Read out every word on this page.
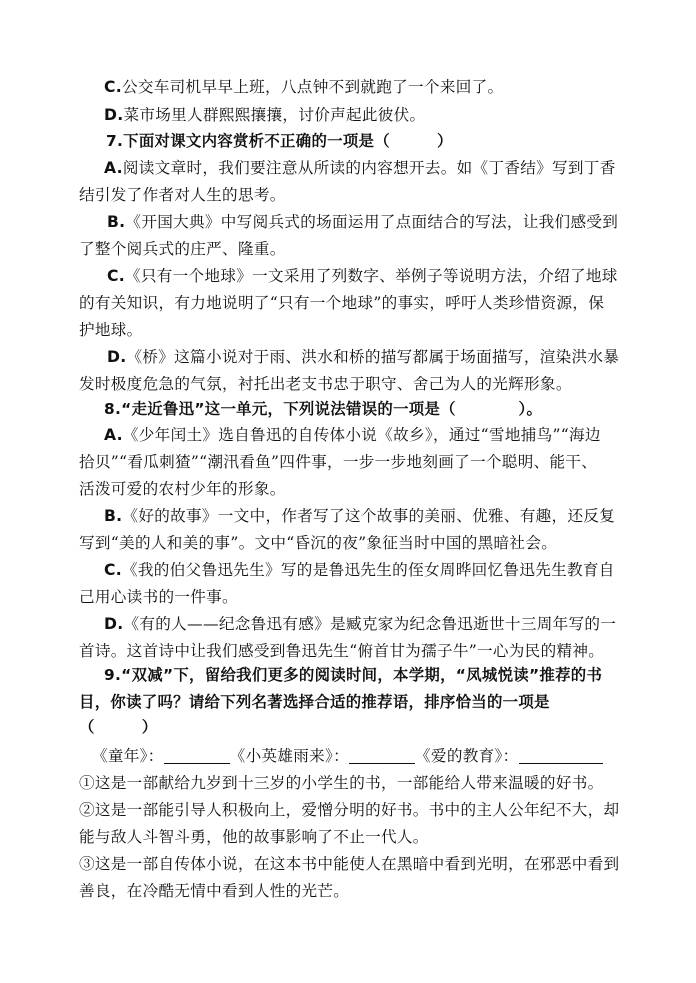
C.公交车司机早早上班，八点钟不到就跑了一个来回了。
D.菜市场里人群熙熙攘攘，讨价声起此彼伏。
7.下面对课文内容赏析不正确的一项是（　　　）
A.阅读文章时，我们要注意从所读的内容想开去。如《丁香结》写到丁香
结引发了作者对人生的思考。
B.《开国大典》中写阅兵式的场面运用了点面结合的写法，让我们感受到
了整个阅兵式的庄严、隆重。
C.《只有一个地球》一文采用了列数字、举例子等说明方法，介绍了地球
的有关知识，有力地说明了“只有一个地球”的事实，呼吁人类珍惜资源，保
护地球。
D.《桥》这篇小说对于雨、洪水和桥的描写都属于场面描写，渲染洪水暴
发时极度危急的气氛，衬托出老支书忠于职守、舍己为人的光辉形象。
8.“走近鲁迅”这一单元，下列说法错误的一项是（　　　　）。
A.《少年闰土》选自鲁迅的自传体小说《故乡》，通过“雪地捕鸟”“海边
拾贝”“看瓜刺猹”“潮汛看鱼”四件事，一步一步地刻画了一个聪明、能干、
活泼可爱的农村少年的形象。
B.《好的故事》一文中，作者写了这个故事的美丽、优雅、有趣，还反复
写到“美的人和美的事”。文中“昏沉的夜”象征当时中国的黑暗社会。
C.《我的伯父鲁迅先生》写的是鲁迅先生的侄女周晔回忆鲁迅先生教育自
己用心读书的一件事。
D.《有的人——纪念鲁迅有感》是臧克家为纪念鲁迅逝世十三周年写的一
首诗。这首诗中让我们感受到鲁迅先生“俯首甘为孺子牛”一心为民的精神。
9.“双减”下，留给我们更多的阅读时间，本学期，“凤城悦读”推荐的书
目，你读了吗？请给下列名著选择合适的推荐语，排序恰当的一项是
（　　　）
《童年》：	《小英雄雨来》：	《爱的教育》：
①这是一部献给九岁到十三岁的小学生的书，一部能给人带来温暖的好书。
②这是一部能引导人积极向上，爱憎分明的好书。书中的主人公年纪不大，却
能与敌人斗智斗勇，他的故事影响了不止一代人。
③这是一部自传体小说，在这本书中能使人在黑暗中看到光明，在邪恶中看到
善良，在冷酷无情中看到人性的光芒。
